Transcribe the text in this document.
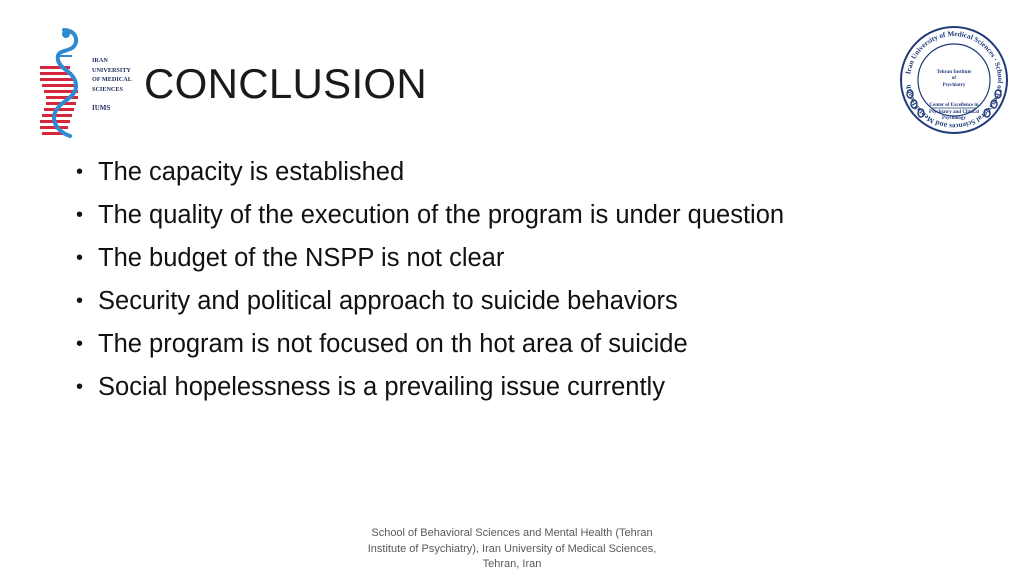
IRAN
UNIVERSITY
OF MEDICAL
SCIENCES
IUMS
CONCLUSION	Iran University of Medical Sciences · School of Behavioral Sciences and Mental Health
Tehran Institute
of
Psychiatry
Center of Excellence in
Psychiatry and Clinical Psychology
• The capacity is established
• The quality of the execution of the program is under question
• The budget of the NSPP is not clear
• Security and political approach to suicide behaviors
• The program is not focused on th hot area of suicide
• Social hopelessness is a prevailing issue currently
School of Behavioral Sciences and Mental Health (Tehran
Institute of Psychiatry), Iran University of Medical Sciences,
Tehran, Iran
